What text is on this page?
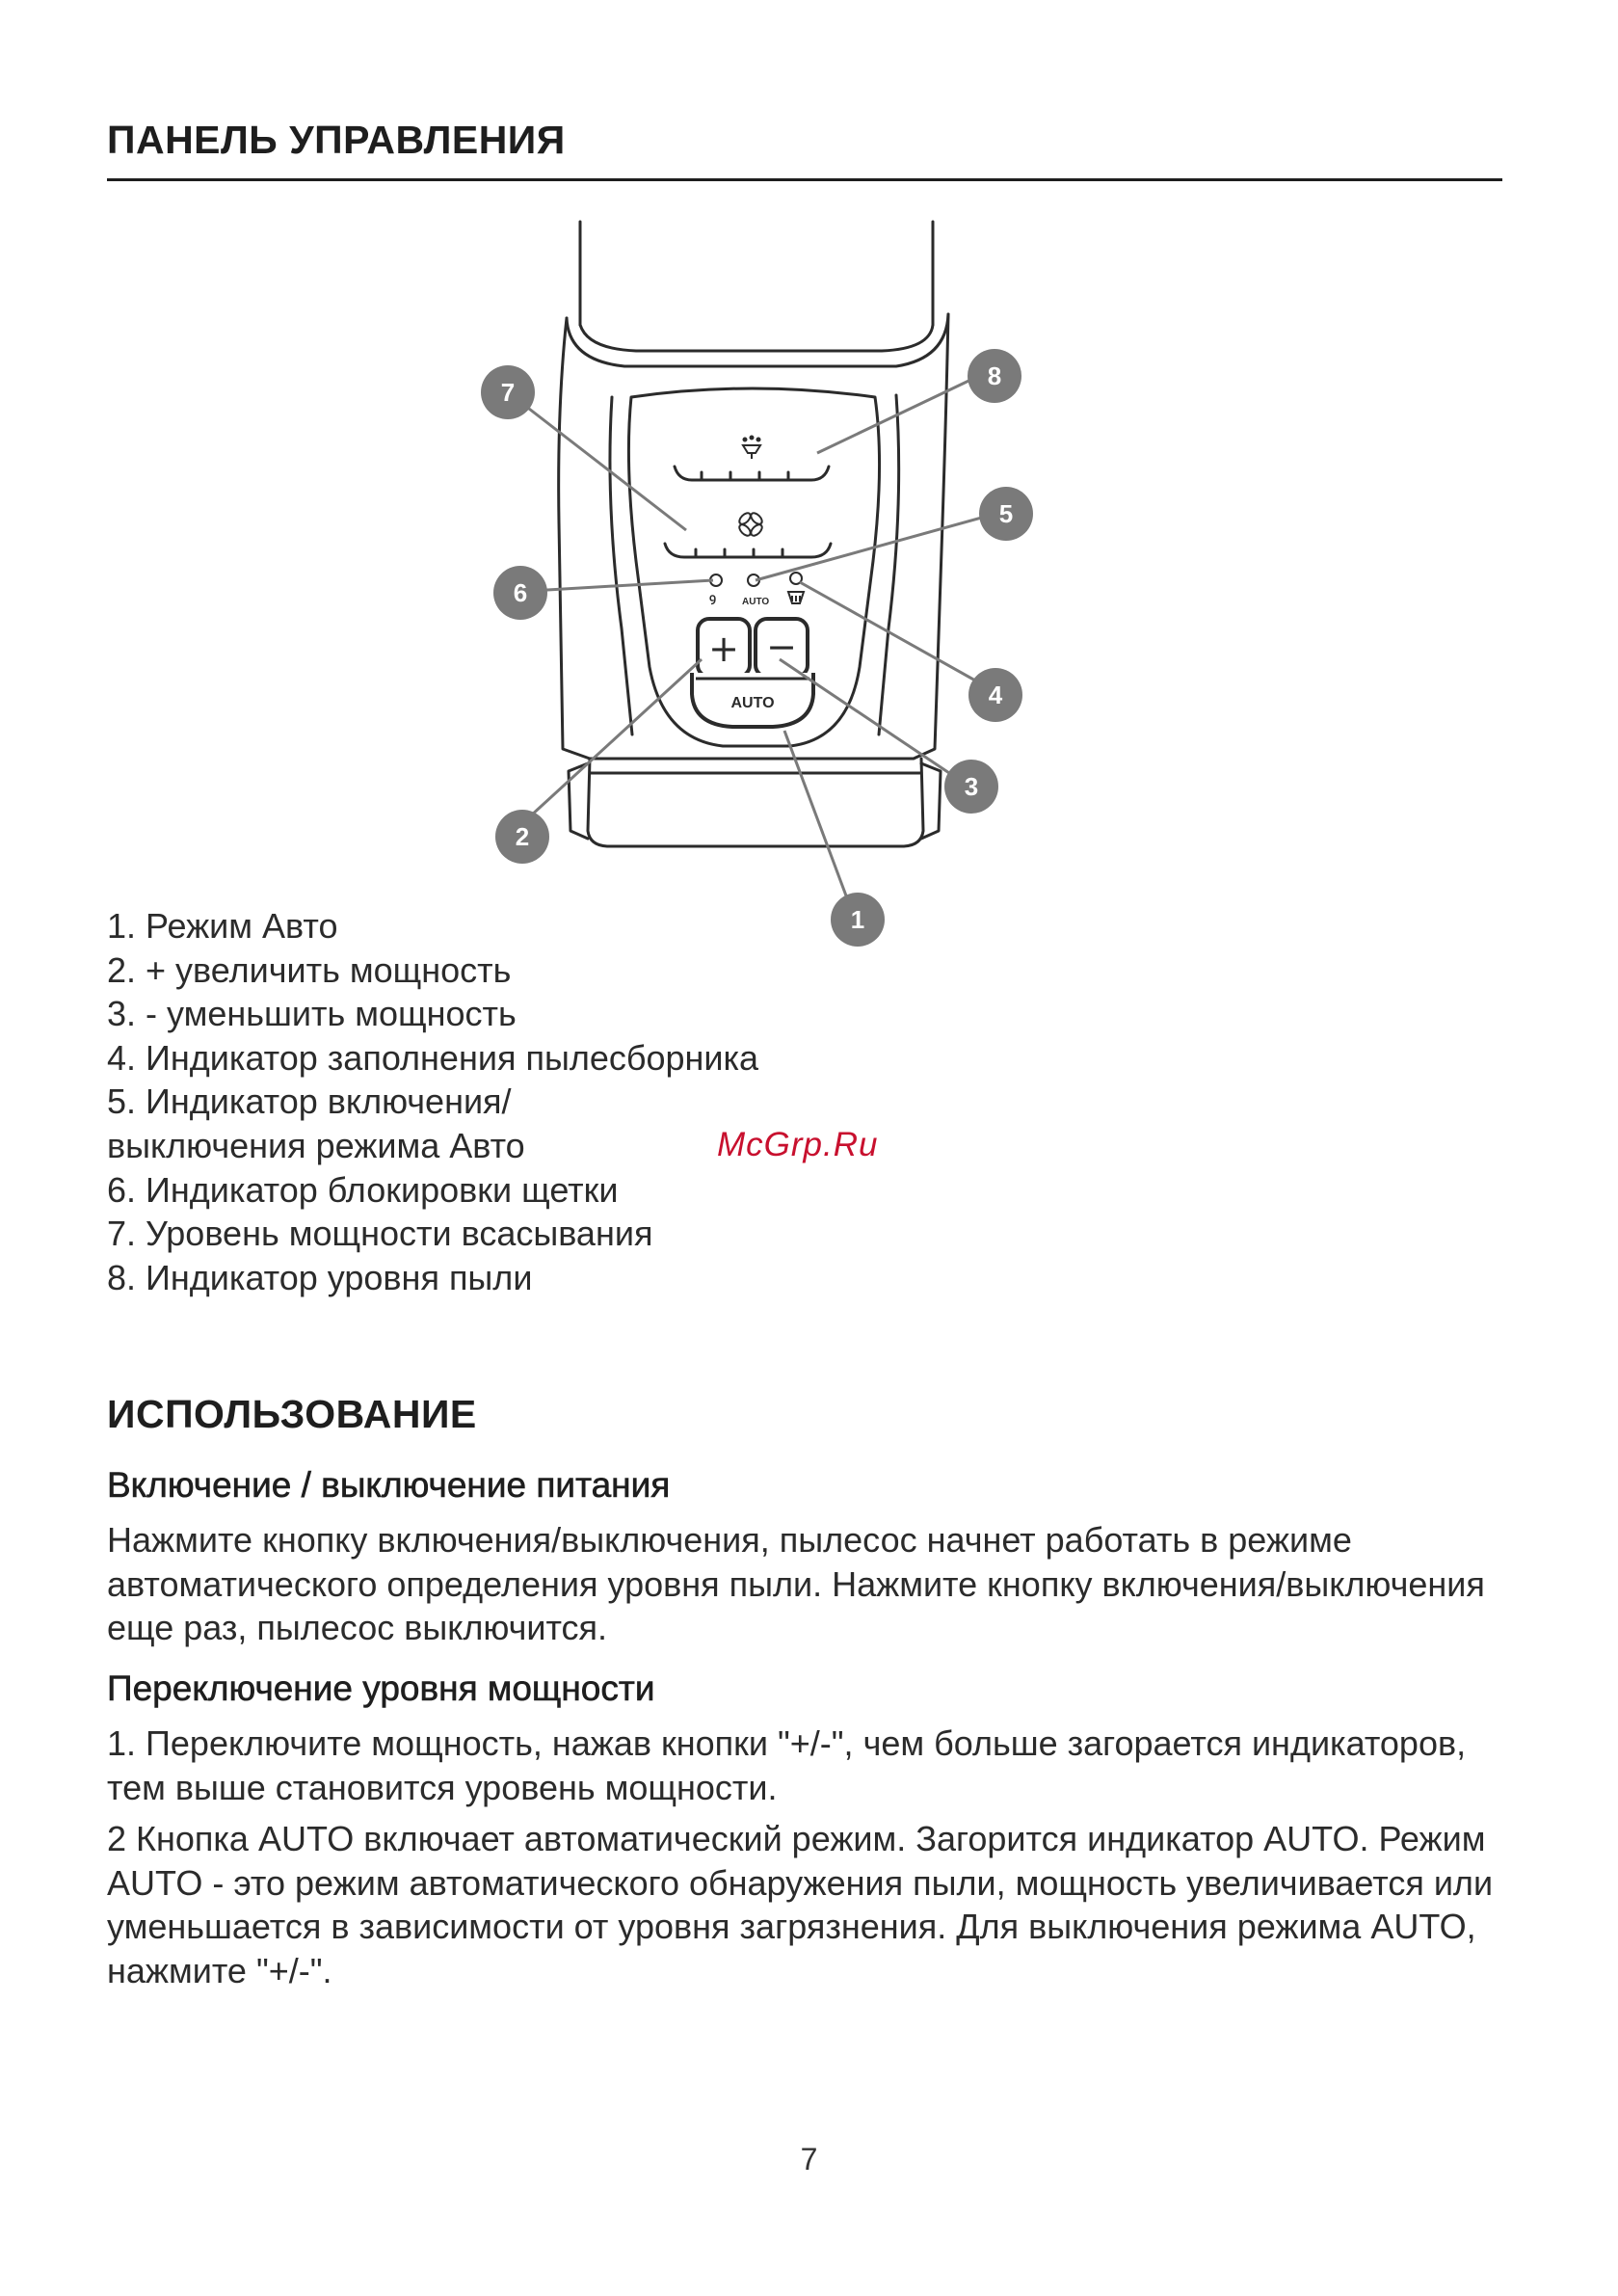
ПАНЕЛЬ УПРАВЛЕНИЯ
ꝯ	AUTO
+ −
AUTO
7
8
5
6
4
3
2
1
1. Режим Авто
2. + увеличить мощность
3. - уменьшить мощность
4. Индикатор заполнения пылесборника
5. Индикатор включения/
выключения режима Авто
6. Индикатор блокировки щетки
7. Уровень мощности всасывания
8. Индикатор уровня пыли
McGrp.Ru
ИСПОЛЬЗОВАНИЕ
Включение / выключение питания

Нажмите кнопку включения/выключения, пылесос начнет работать в режиме автоматического определения уровня пыли. Нажмите кнопку включения/выключения еще раз, пылесос выключится.

Переключение уровня мощности

1. Переключите мощность, нажав кнопки "+/-", чем больше загорается индикаторов, тем выше становится уровень мощности.

2 Кнопка AUTO включает автоматический режим. Загорится индикатор AUTO. Режим AUTO - это режим автоматического обнаружения пыли, мощность увеличивается или уменьшается в зависимости от уровня загрязнения. Для выключения режима AUTO, нажмите "+/-".

7
